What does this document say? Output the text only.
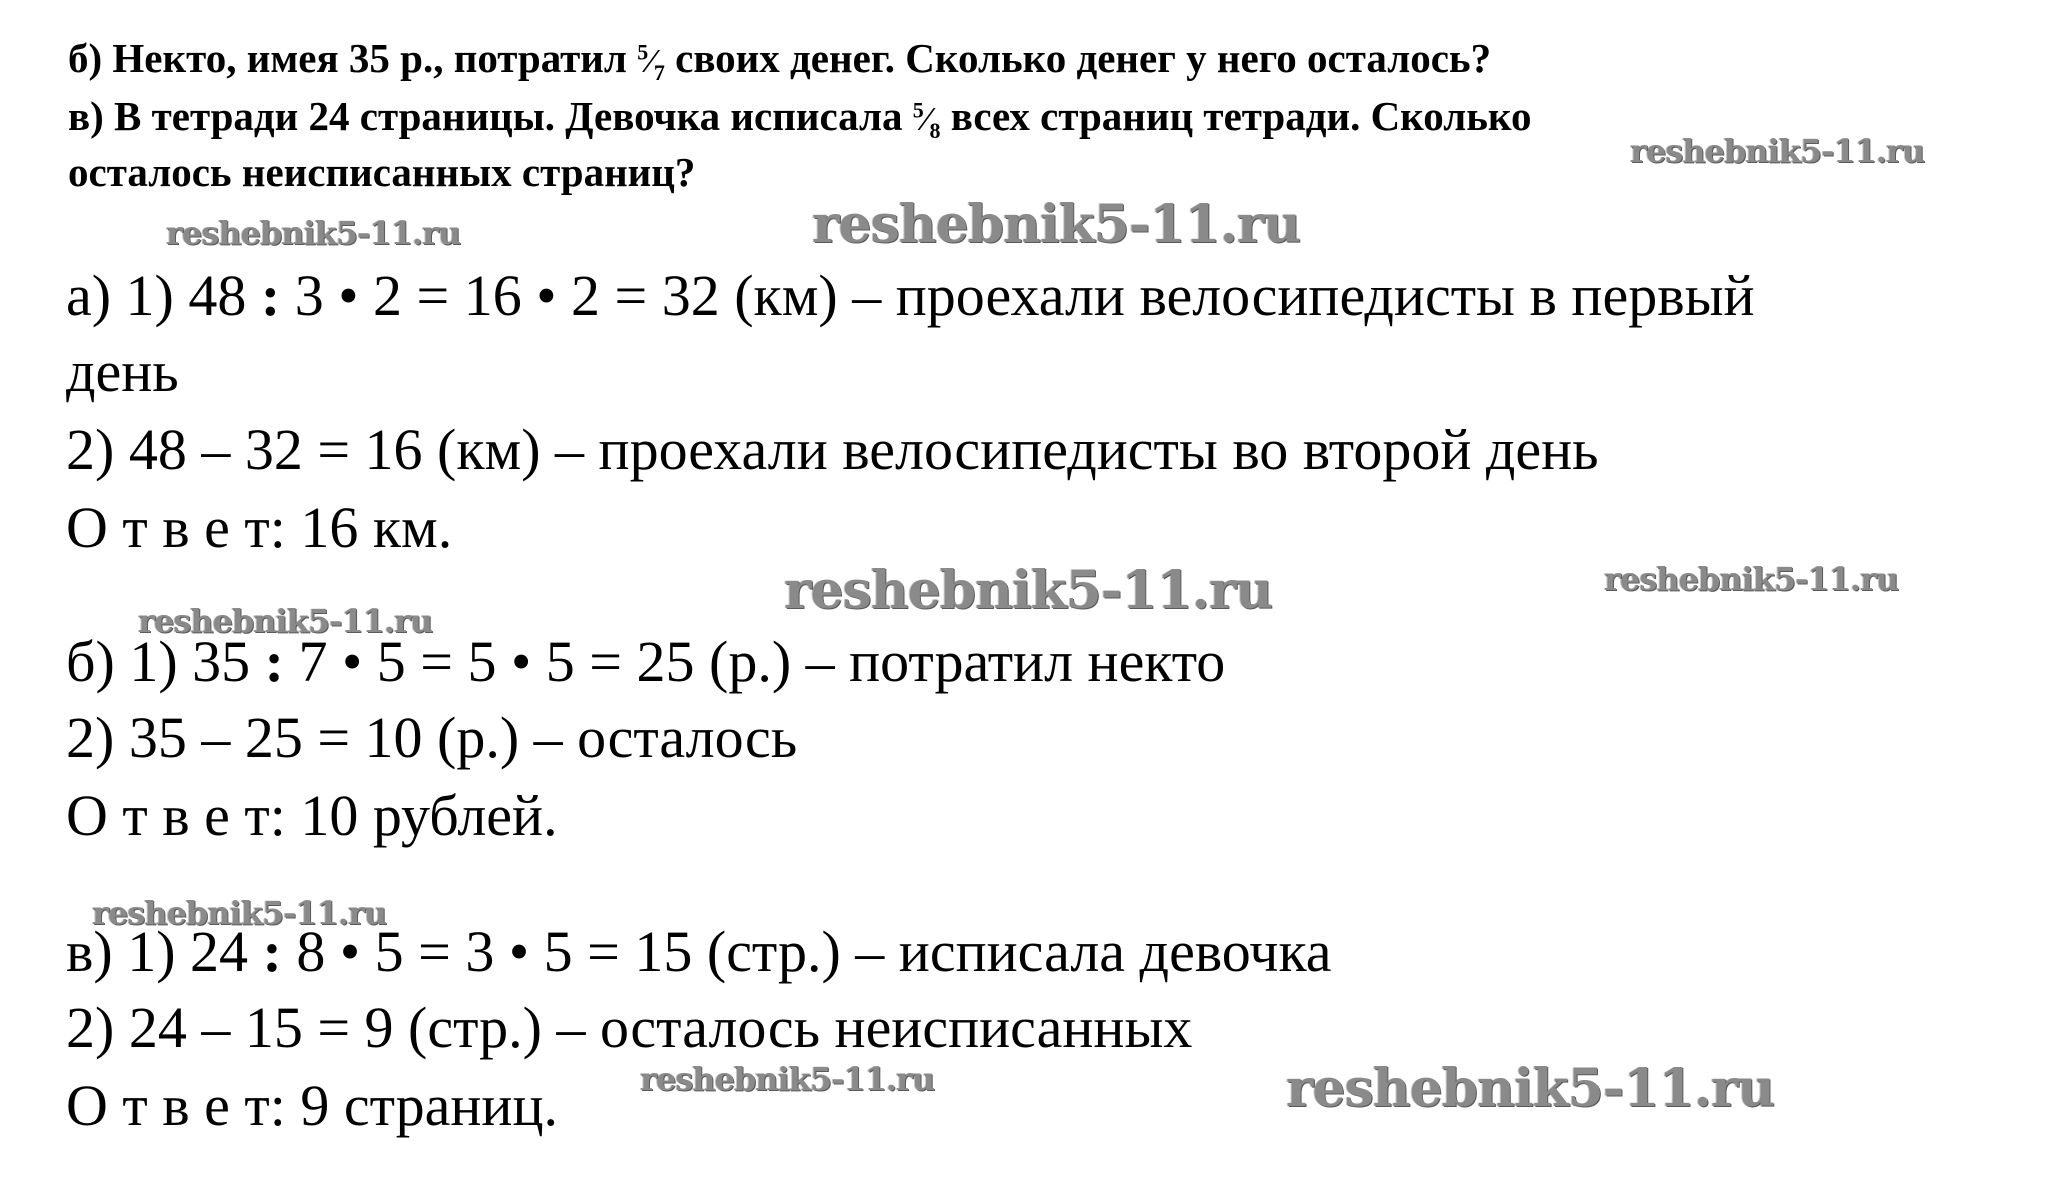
б) Некто, имея 35 р., потратил $^5⁄_7$ своих денег. Сколько денег у него осталось?
в) В тетради 24 страницы. Девочка исписала $^5⁄_8$ всех страниц тетради. Сколько
осталось неисписанных страниц?
а) 1) 48 : 3 • 2 = 16 • 2 = 32 (км) – проехали велосипедисты в первый
день
2) 48 – 32 = 16 (км) – проехали велосипедисты во второй день
О т в е т: 16 км.
б) 1) 35 : 7 • 5 = 5 • 5 = 25 (р.) – потратил некто
2) 35 – 25 = 10 (р.) – осталось
О т в е т: 10 рублей.
в) 1) 24 : 8 • 5 = 3 • 5 = 15 (стр.) – исписала девочка
2) 24 – 15 = 9 (стр.) – осталось неисписанных
О т в е т: 9 страниц.
reshebnik5-11.ru
reshebnik5-11.ru	reshebnik5-11.ru
reshebnik5-11.ru	reshebnik5-11.ru
reshebnik5-11.ru
reshebnik5-11.ru
reshebnik5-11.ru	reshebnik5-11.ru
